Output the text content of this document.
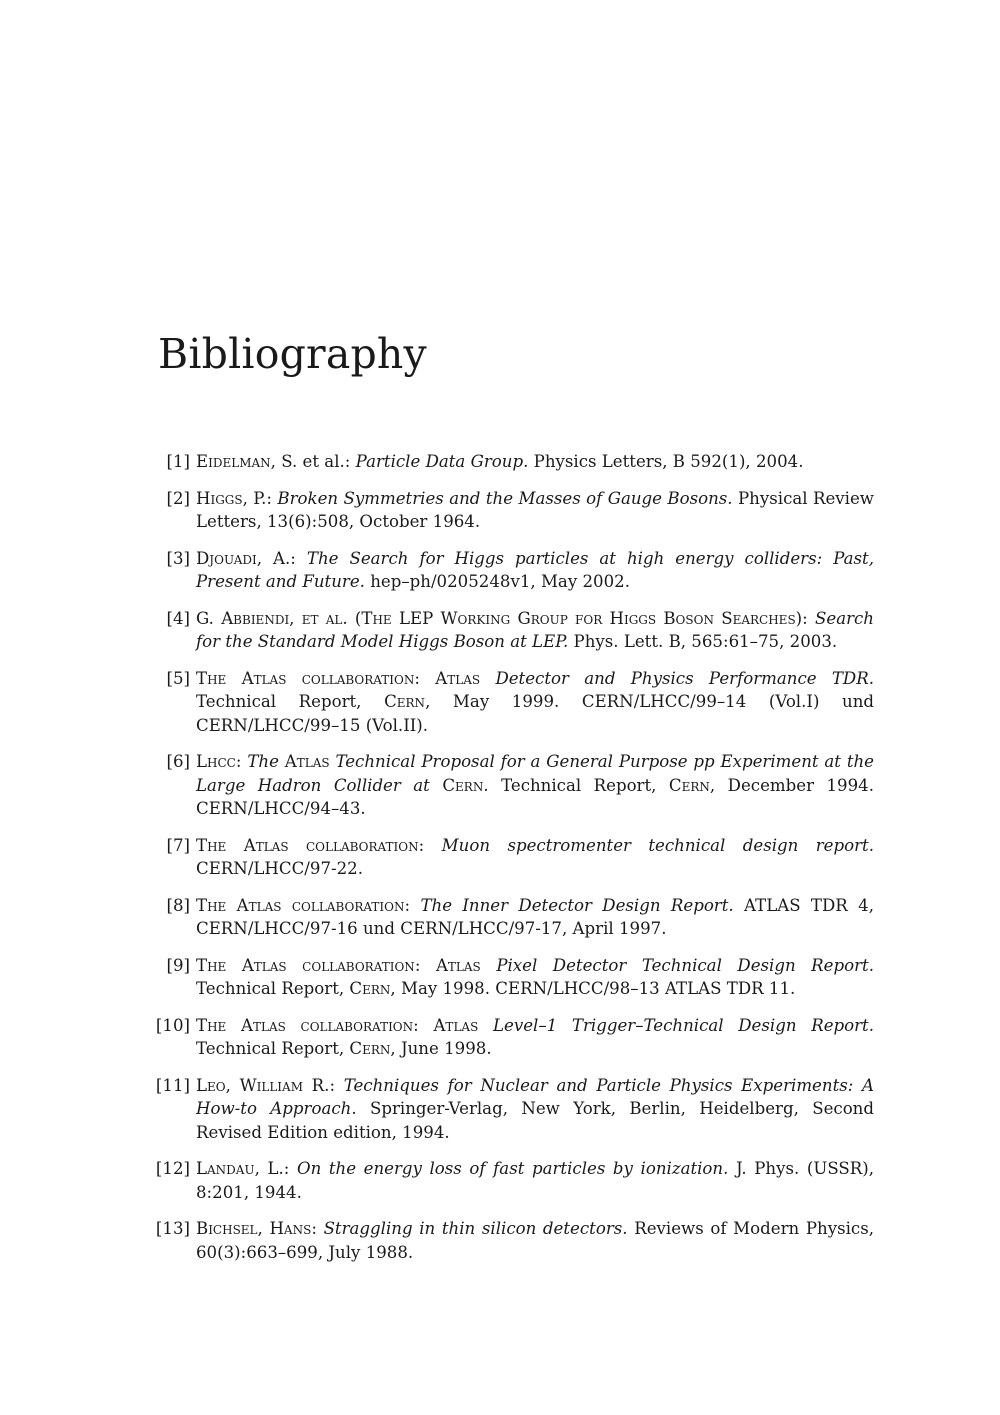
Bibliography
[1] Eidelman, S. et al.: Particle Data Group. Physics Letters, B 592(1), 2004.
[2] Higgs, P.: Broken Symmetries and the Masses of Gauge Bosons. Physical Review Letters, 13(6):508, October 1964.
[3] Djouadi, A.: The Search for Higgs particles at high energy colliders: Past, Present and Future. hep–ph/0205248v1, May 2002.
[4] G. Abbiendi, et al. (The LEP Working Group for Higgs Boson Searches): Search for the Standard Model Higgs Boson at LEP. Phys. Lett. B, 565:61–75, 2003.
[5] The Atlas collaboration: Atlas Detector and Physics Performance TDR. Technical Report, Cern, May 1999. CERN/LHCC/99–14 (Vol.I) und CERN/LHCC/99–15 (Vol.II).
[6] Lhcc: The Atlas Technical Proposal for a General Purpose pp Experiment at the Large Hadron Collider at Cern. Technical Report, Cern, December 1994. CERN/LHCC/94–43.
[7] The Atlas collaboration: Muon spectromenter technical design report. CERN/LHCC/97-22.
[8] The Atlas collaboration: The Inner Detector Design Report. ATLAS TDR 4, CERN/LHCC/97-16 und CERN/LHCC/97-17, April 1997.
[9] The Atlas collaboration: Atlas Pixel Detector Technical Design Report. Technical Report, Cern, May 1998. CERN/LHCC/98–13 ATLAS TDR 11.
[10] The Atlas collaboration: Atlas Level–1 Trigger–Technical Design Report. Technical Report, Cern, June 1998.
[11] Leo, William R.: Techniques for Nuclear and Particle Physics Experiments: A How-to Approach. Springer-Verlag, New York, Berlin, Heidelberg, Second Revised Edition edition, 1994.
[12] Landau, L.: On the energy loss of fast particles by ionization. J. Phys. (USSR), 8:201, 1944.
[13] Bichsel, Hans: Straggling in thin silicon detectors. Reviews of Modern Physics, 60(3):663–699, July 1988.
